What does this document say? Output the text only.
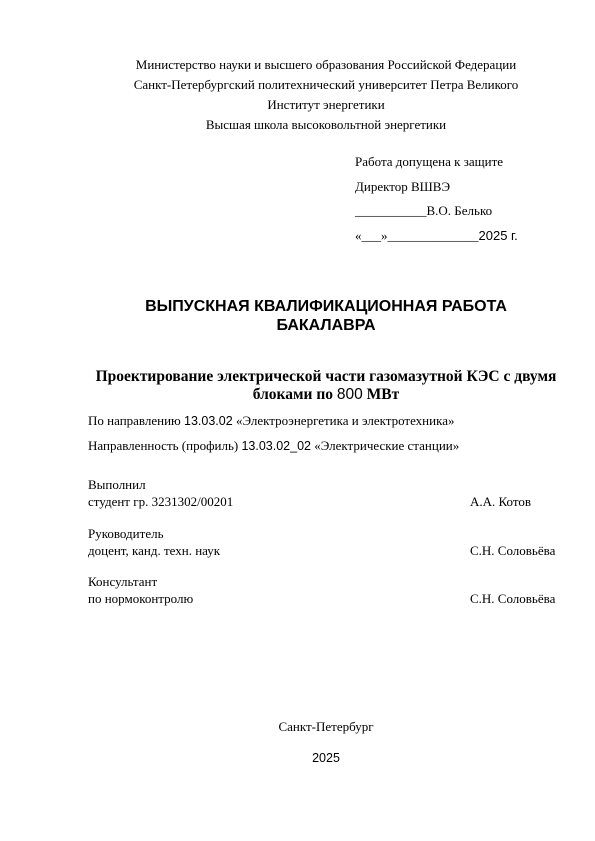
Министерство науки и высшего образования Российской Федерации
Санкт-Петербургский политехнический университет Петра Великого
Институт энергетики
Высшая школа высоковольтной энергетики
Работа допущена к защите
Директор ВШВЭ
___________В.О. Белько
«___»______________2025 г.
ВЫПУСКНАЯ КВАЛИФИКАЦИОННАЯ РАБОТА
БАКАЛАВРА
Проектирование электрической части газомазутной КЭС с двумя
блоками по 800 МВт
По направлению 13.03.02 «Электроэнергетика и электротехника»
Направленность (профиль) 13.03.02_02 «Электрические станции»
Выполнил
студент гр. 3231302/00201	А.А. Котов
Руководитель
доцент, канд. техн. наук	С.Н. Соловьёва
Консультант
по нормоконтролю	С.Н. Соловьёва
Санкт-Петербург
2025
